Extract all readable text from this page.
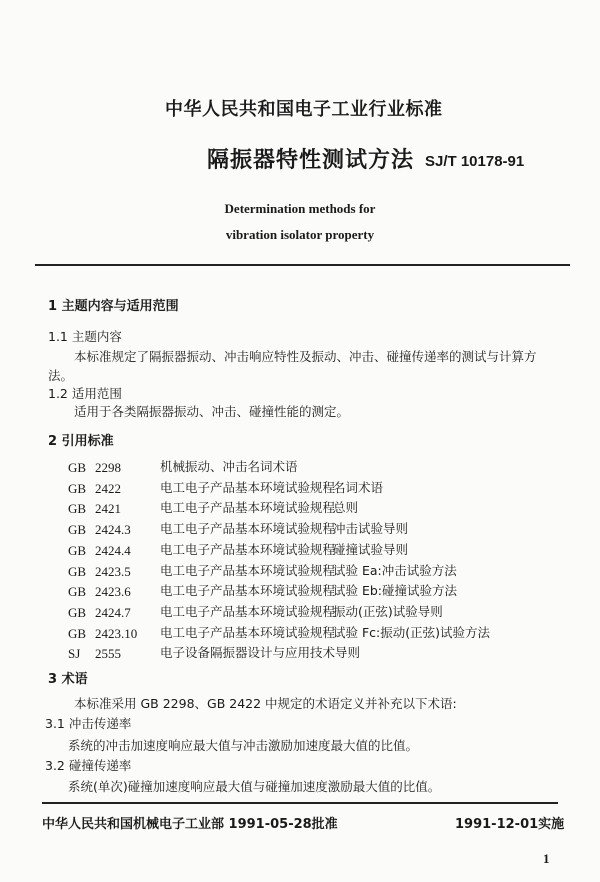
中华人民共和国电子工业行业标准
隔振器特性测试方法 SJ/T 10178-91
Determination methods for
vibration isolator property
1 主题内容与适用范围
1.1 主题内容
本标准规定了隔振器振动、冲击响应特性及振动、冲击、碰撞传递率的测试与计算方
法。
1.2 适用范围
适用于各类隔振器振动、冲击、碰撞性能的测定。
2 引用标准
GB 2298	机械振动、冲击名词术语
GB 2422	电工电子产品基本环境试验规程
名词术语
GB 2421	电工电子产品基本环境试验规程
总则
GB 2424.3 电工电子产品基本环境试验规程
冲击试验导则
GB 2424.4 电工电子产品基本环境试验规程
碰撞试验导则
GB 2423.5 电工电子产品基本环境试验规程
试验 Ea:冲击试验方法
GB 2423.6 电工电子产品基本环境试验规程
试验 Eb:碰撞试验方法
GB 2424.7 电工电子产品基本环境试验规程
振动(正弦)试验导则
GB 2423.10 电工电子产品基本环境试验规程
试验 Fc:振动(正弦)试验方法
SJ 2555	电子设备隔振器设计与应用技术导则
3 术语
本标准采用 GB 2298、GB 2422 中规定的术语定义并补充以下术语:
3.1 冲击传递率
系统的冲击加速度响应最大值与冲击激励加速度最大值的比值。
3.2 碰撞传递率
系统(单次)碰撞加速度响应最大值与碰撞加速度激励最大值的比值。
中华人民共和国机械电子工业部 1991-05-28批准	1991-12-01实施
1
